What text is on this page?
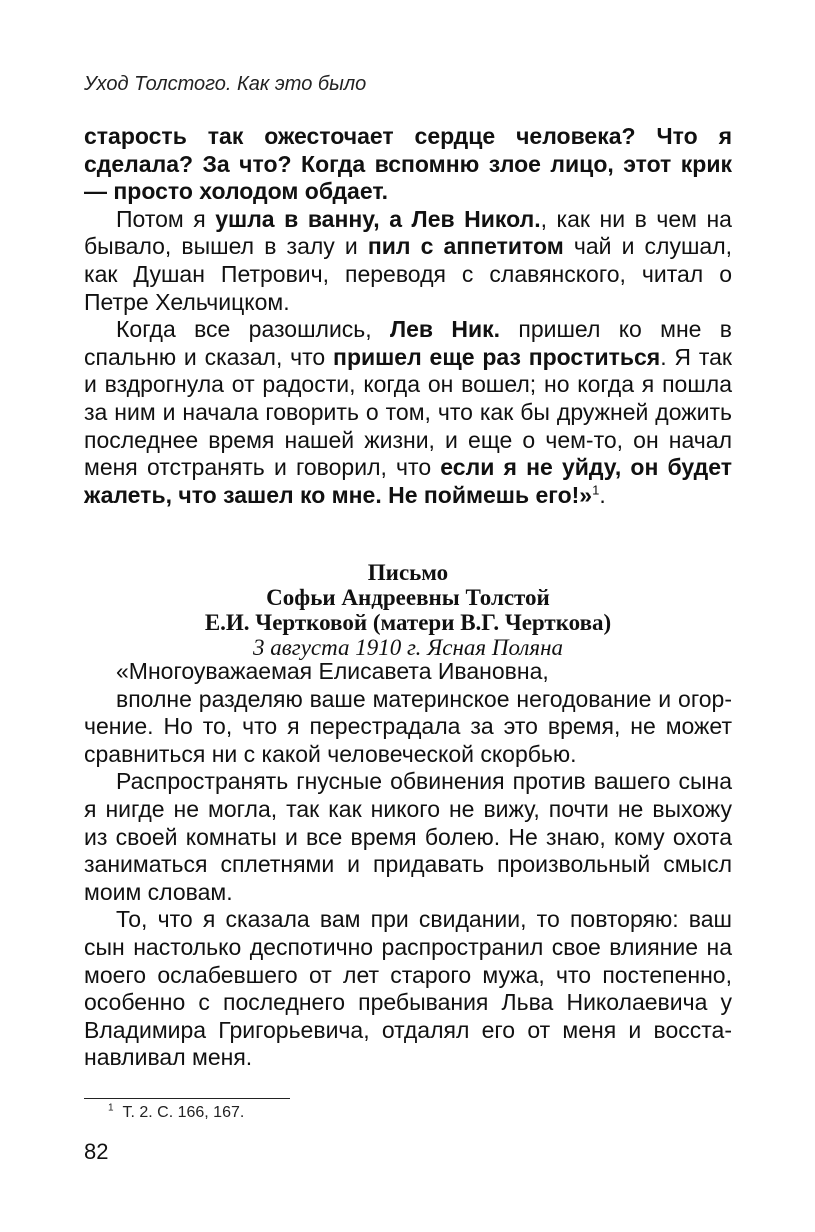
Уход Толстого. Как это было

старость так ожесточает сердце человека? Что я сделала? За что? Когда вспомню злое лицо, этот крик — просто холодом обдает.

Потом я ушла в ванну, а Лев Никол., как ни в чем на бывало, вышел в залу и пил с аппетитом чай и слушал, как Душан Петрович, переводя с славянского, читал о Петре Хельчицком.

Когда все разошлись, Лев Ник. пришел ко мне в спальню и сказал, что пришел еще раз проститься. Я так и вздрогнула от радости, когда он вошел; но когда я пошла за ним и начала говорить о том, что как бы дружней дожить последнее время нашей жизни, и еще о чем-то, он начал меня отстранять и говорил, что если я не уйду, он будет жалеть, что зашел ко мне. Не поймешь его!»$^1$.

Письмо
Софьи Андреевны Толстой
Е.И. Чертковой (матери В.Г. Черткова)
3 августа 1910 г. Ясная Поляна

«Многоуважаемая Елисавета Ивановна,

вполне разделяю ваше материнское негодование и огорчение. Но то, что я перестрадала за это время, не может сравниться ни с какой человеческой скорбью.

Распространять гнусные обвинения против вашего сына я нигде не могла, так как никого не вижу, почти не выхожу из своей комнаты и все время болею. Не знаю, кому охота заниматься сплетнями и придавать произвольный смысл моим словам.

То, что я сказала вам при свидании, то повторяю: ваш сын настолько деспотично распространил свое влияние на моего ослабевшего от лет старого мужа, что постепенно, особенно с последнего пребывания Льва Николаевича у Владимира Григорьевича, отдалял его от меня и восстанавливал меня.

$^1$ Т. 2. С. 166, 167.
82
